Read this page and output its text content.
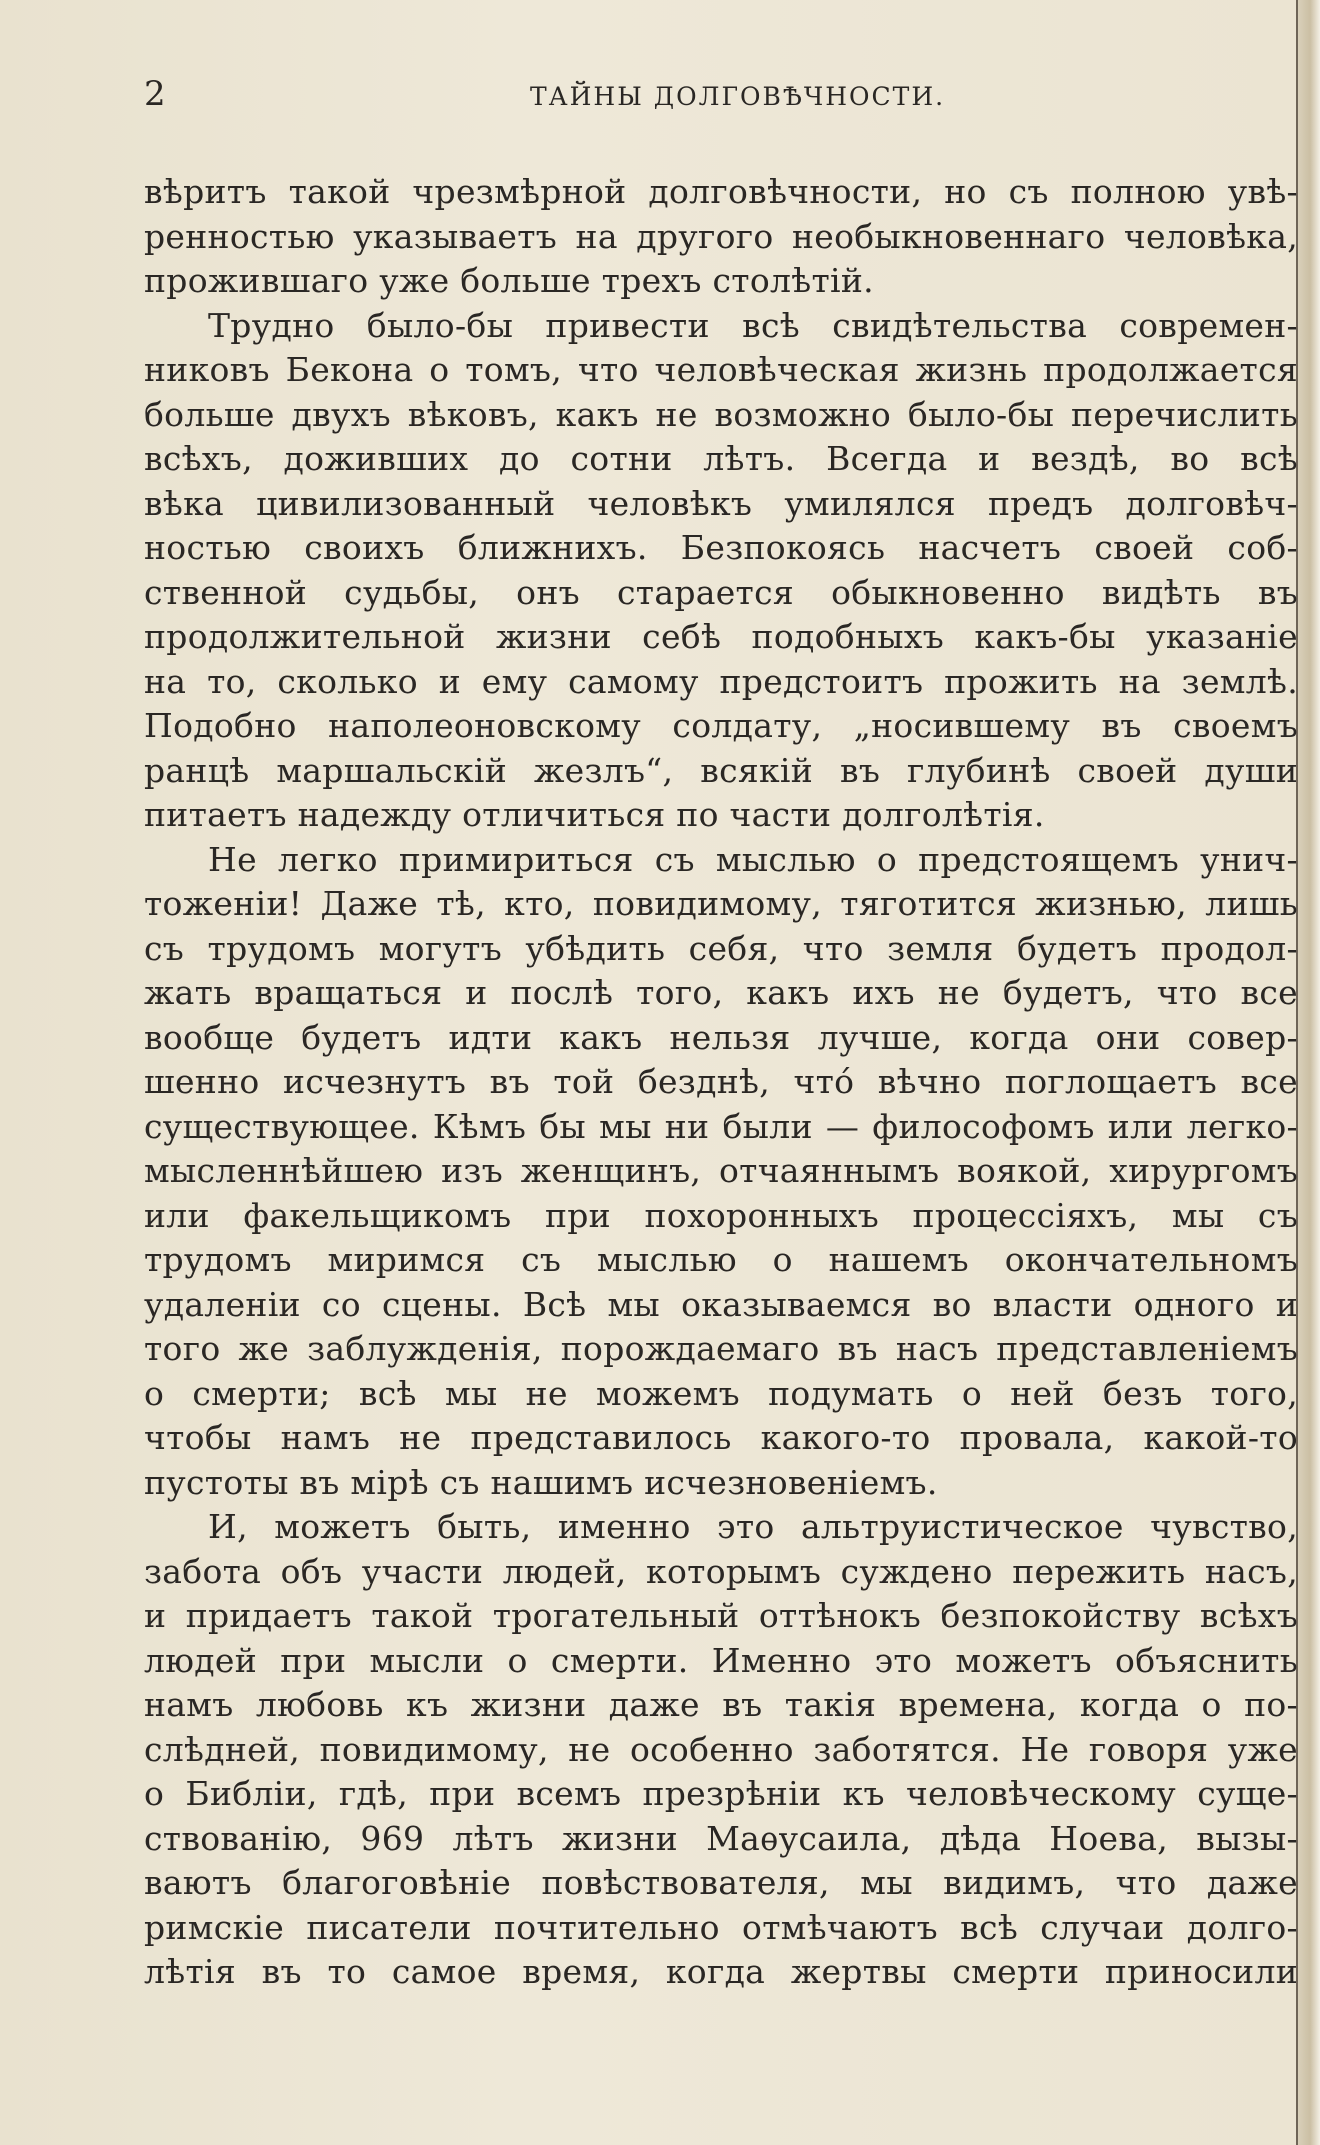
2	ТАЙНЫ ДОЛГОВѢЧНОСТИ.
вѣритъ такой чрезмѣрной долговѣчности, но съ полною увѣ-
ренностью указываетъ на другого необыкновеннаго человѣка,
прожившаго уже больше трехъ столѣтій.
Трудно было-бы привести всѣ свидѣтельства современ-
никовъ Бекона о томъ, что человѣческая жизнь продолжается
больше двухъ вѣковъ, какъ не возможно было-бы перечислить
всѣхъ, доживших до сотни лѣтъ. Всегда и вездѣ, во всѣ
вѣка цивилизованный человѣкъ умилялся предъ долговѣч-
ностью своихъ ближнихъ. Безпокоясь насчетъ своей соб-
ственной судьбы, онъ старается обыкновенно видѣть въ
продолжительной жизни себѣ подобныхъ какъ-бы указаніе
на то, сколько и ему самому предстоитъ прожить на землѣ.
Подобно наполеоновскому солдату, „носившему въ своемъ
ранцѣ маршальскій жезлъ“, всякій въ глубинѣ своей души
питаетъ надежду отличиться по части долголѣтія.
Не легко примириться съ мыслью о предстоящемъ унич-
тоженіи! Даже тѣ, кто, повидимому, тяготится жизнью, лишь
съ трудомъ могутъ убѣдить себя, что земля будетъ продол-
жать вращаться и послѣ того, какъ ихъ не будетъ, что все
вообще будетъ идти какъ нельзя лучше, когда они совер-
шенно исчезнутъ въ той безднѣ, что́ вѣчно поглощаетъ все
существующее. Кѣмъ бы мы ни были — философомъ или легко-
мысленнѣйшею изъ женщинъ, отчаяннымъ воякой, хирургомъ
или факельщикомъ при похоронныхъ процессіяхъ, мы съ
трудомъ миримся съ мыслью о нашемъ окончательномъ
удаленіи со сцены. Всѣ мы оказываемся во власти одного и
того же заблужденія, порождаемаго въ насъ представленіемъ
о смерти; всѣ мы не можемъ подумать о ней безъ того,
чтобы намъ не представилось какого-то провала, какой-то
пустоты въ мірѣ съ нашимъ исчезновеніемъ.
И, можетъ быть, именно это альтруистическое чувство,
забота объ участи людей, которымъ суждено пережить насъ,
и придаетъ такой трогательный оттѣнокъ безпокойству всѣхъ
людей при мысли о смерти. Именно это можетъ объяснить
намъ любовь къ жизни даже въ такія времена, когда о по-
слѣдней, повидимому, не особенно заботятся. Не говоря уже
о Библіи, гдѣ, при всемъ презрѣніи къ человѣческому суще-
ствованію, 969 лѣтъ жизни Маѳусаила, дѣда Ноева, вызы-
ваютъ благоговѣніе повѣствователя, мы видимъ, что даже
римскіе писатели почтительно отмѣчаютъ всѣ случаи долго-
лѣтія въ то самое время, когда жертвы смерти приносили
